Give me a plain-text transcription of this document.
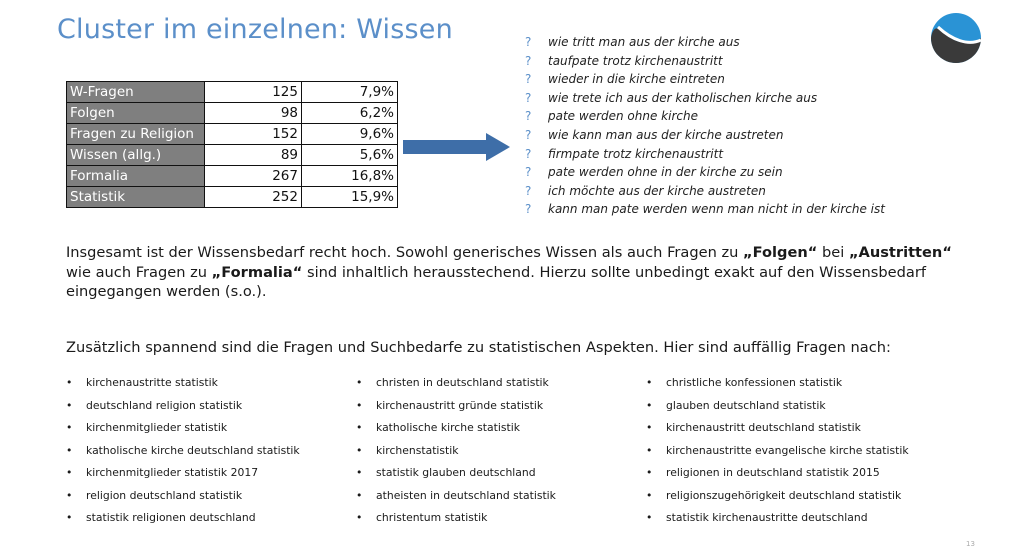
Cluster im einzelnen: Wissen
W-Fragen	125	7,9%
Folgen	98	6,2%
Fragen zu Religion	152	9,6%
Wissen (allg.)	89	5,6%
Formalia	267	16,8%
Statistik	252	15,9%
? wie tritt man aus der kirche aus
? taufpate trotz kirchenaustritt
? wieder in die kirche eintreten
? wie trete ich aus der katholischen kirche aus
? pate werden ohne kirche
? wie kann man aus der kirche austreten
? firmpate trotz kirchenaustritt
? pate werden ohne in der kirche zu sein
? ich möchte aus der kirche austreten
? kann man pate werden wenn man nicht in der kirche ist

Insgesamt ist der Wissensbedarf recht hoch. Sowohl generisches Wissen als auch Fragen zu „Folgen“ bei „Austritten“ wie auch Fragen zu „Formalia“ sind inhaltlich herausstechend. Hierzu sollte unbedingt exakt auf den Wissensbedarf eingegangen werden (s.o.).

Zusätzlich spannend sind die Fragen und Suchbedarfe zu statistischen Aspekten. Hier sind auffällig Fragen nach:

• kirchenaustritte statistik
• deutschland religion statistik
• kirchenmitglieder statistik
• katholische kirche deutschland statistik
• kirchenmitglieder statistik 2017
• religion deutschland statistik
• statistik religionen deutschland
• christen in deutschland statistik
• kirchenaustritt gründe statistik
• katholische kirche statistik
• kirchenstatistik
• statistik glauben deutschland
• atheisten in deutschland statistik
• christentum statistik
• christliche konfessionen statistik
• glauben deutschland statistik
• kirchenaustritt deutschland statistik
• kirchenaustritte evangelische kirche statistik
• religionen in deutschland statistik 2015
• religionszugehörigkeit deutschland statistik
• statistik kirchenaustritte deutschland
13
